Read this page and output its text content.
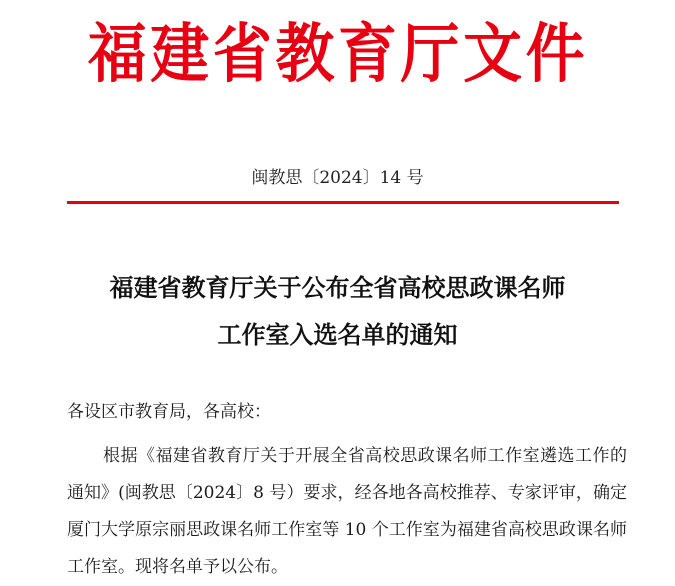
福建省教育厅文件
闽教思〔2024〕14 号
福建省教育厅关于公布全省高校思政课名师
工作室入选名单的通知
各设区市教育局，各高校：
根据《福建省教育厅关于开展全省高校思政课名师工作室遴选工作的通知》(闽教思〔2024〕8 号）要求，经各地各高校推荐、专家评审，确定厦门大学原宗丽思政课名师工作室等 10 个工作室为福建省高校思政课名师工作室。现将名单予以公布。
